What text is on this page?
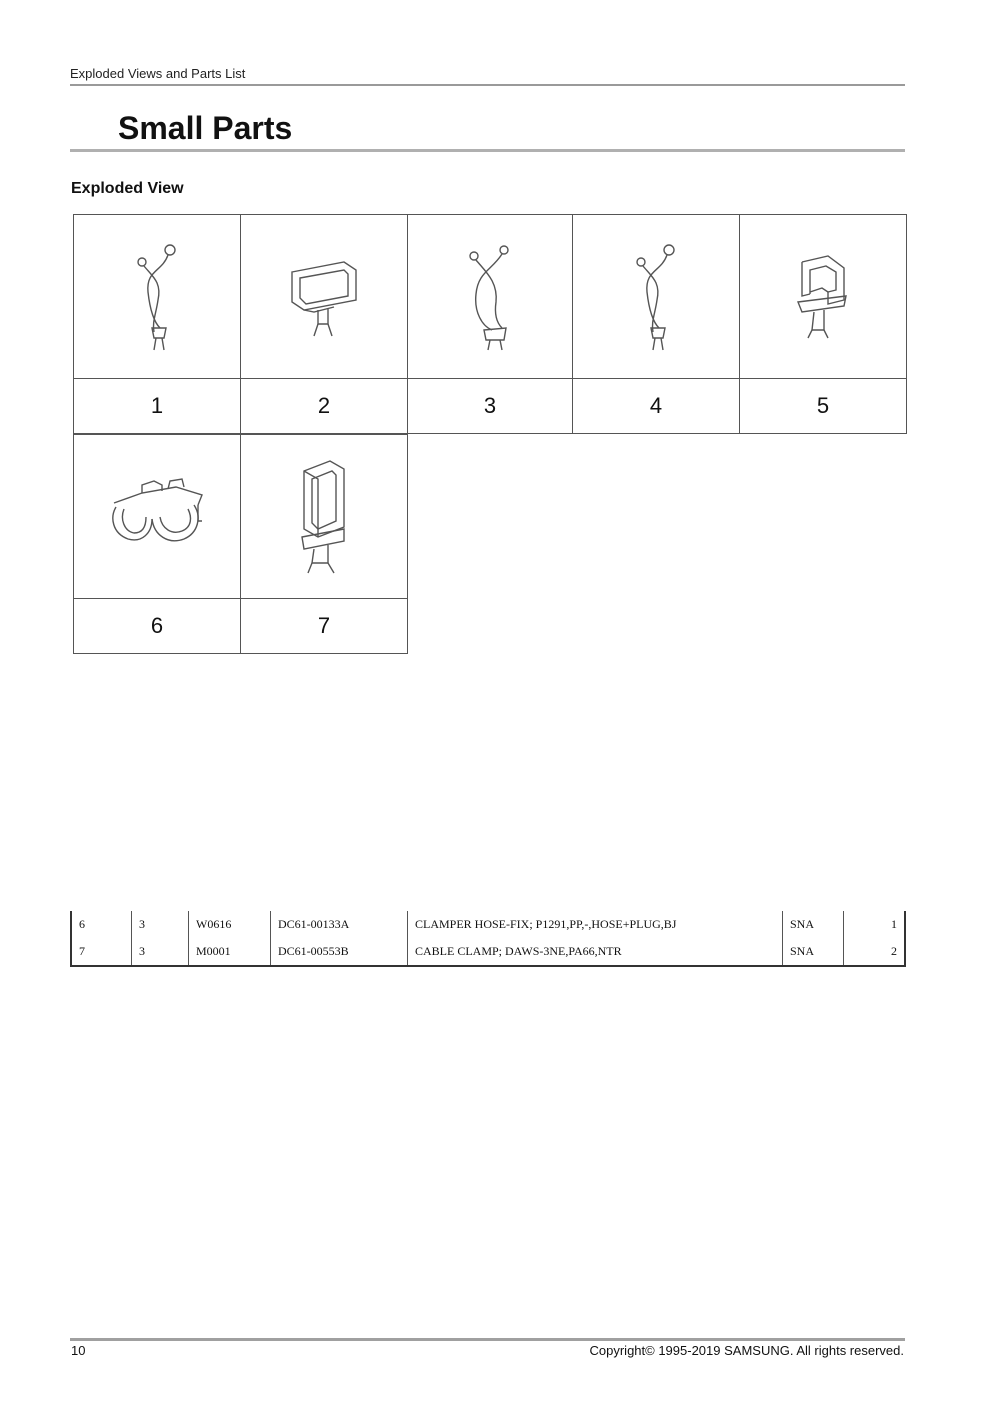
Exploded Views and Parts List
Small Parts
Exploded View

1	2	3	4	5

6	7
6	3	W0616	DC61-00133A	CLAMPER HOSE-FIX; P1291,PP,-,HOSE+PLUG,BJ	SNA	1
7	3	M0001	DC61-00553B	CABLE CLAMP; DAWS-3NE,PA66,NTR	SNA	2
10	Copyright© 1995-2019 SAMSUNG. All rights reserved.
